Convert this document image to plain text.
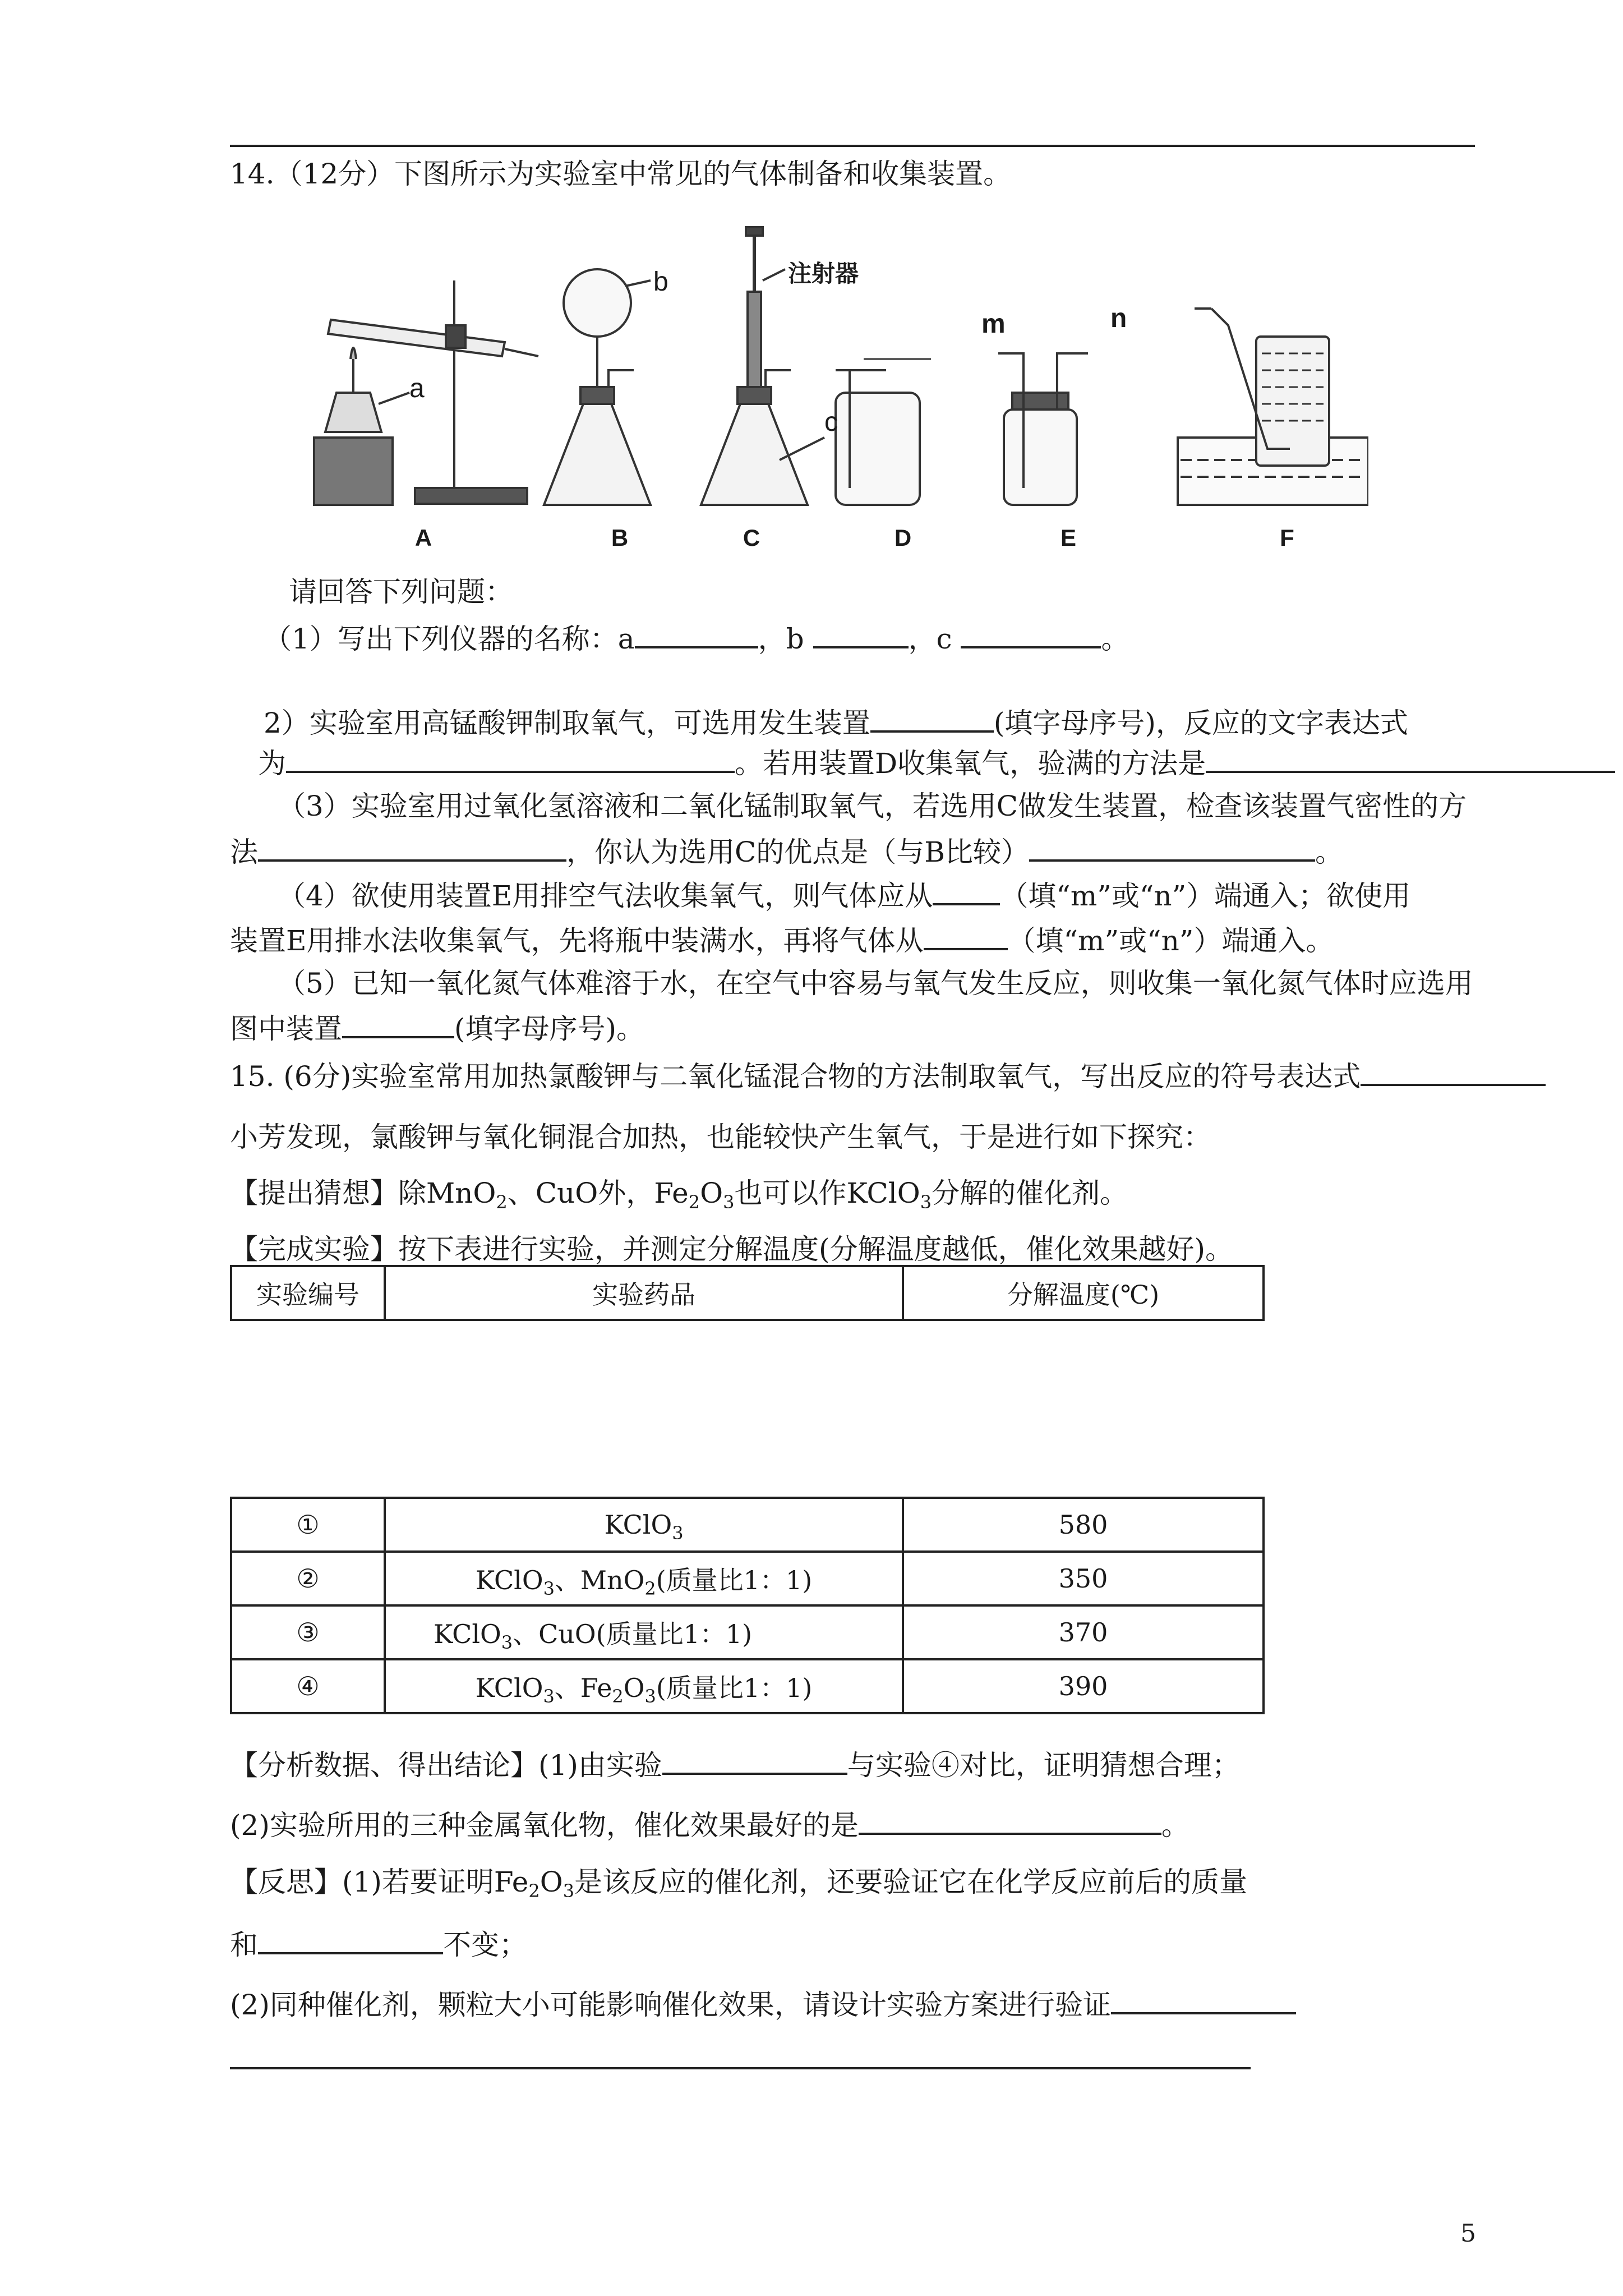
14.（12分）下图所示为实验室中常见的气体制备和收集装置。
a
b
c
注射器
m	n
A	B	C	D	E	F
请回答下列问题：
（1）写出下列仪器的名称：a	，b	，c	。
2）实验室用高锰酸钾制取氧气，可选用发生装置	(填字母序号)，反应的文字表达式
为	。若用装置D收集氧气，验满的方法是
（3）实验室用过氧化氢溶液和二氧化锰制取氧气，若选用C做发生装置，检查该装置气密性的方
法	，你认为选用C的优点是（与B比较）	。
（4）欲使用装置E用排空气法收集氧气，则气体应从 （填“m”或“n”）端通入；欲使用
装置E用排水法收集氧气，先将瓶中装满水，再将气体从	（填“m”或“n”）端通入。
（5）已知一氧化氮气体难溶于水，在空气中容易与氧气发生反应，则收集一氧化氮气体时应选用
图中装置	(填字母序号)。
15. (6分)实验室常用加热氯酸钾与二氧化锰混合物的方法制取氧气，写出反应的符号表达式
小芳发现，氯酸钾与氧化铜混合加热，也能较快产生氧气，于是进行如下探究：
【提出猜想】除MnO$_2$、CuO外，$Fe_2O_3$也可以作KClO$_3$分解的催化剂。
【完成实验】按下表进行实验，并测定分解温度(分解温度越低，催化效果越好)。
实验编号	实验药品	分解温度(℃)
①	KClO$_3$	580
②	KClO$_3$、MnO$_2$(质量比1：1)	350
③	KClO$_3$、CuO(质量比1：1)	370
④	KClO$_3$、$Fe_2O_3$(质量比1：1)	390
【分析数据、得出结论】(1)由实验	与实验④对比，证明猜想合理；
(2)实验所用的三种金属氧化物，催化效果最好的是	。
【反思】(1)若要证明$Fe_2O_3$是该反应的催化剂，还要验证它在化学反应前后的质量
和	不变；
(2)同种催化剂，颗粒大小可能影响催化效果，请设计实验方案进行验证
5
